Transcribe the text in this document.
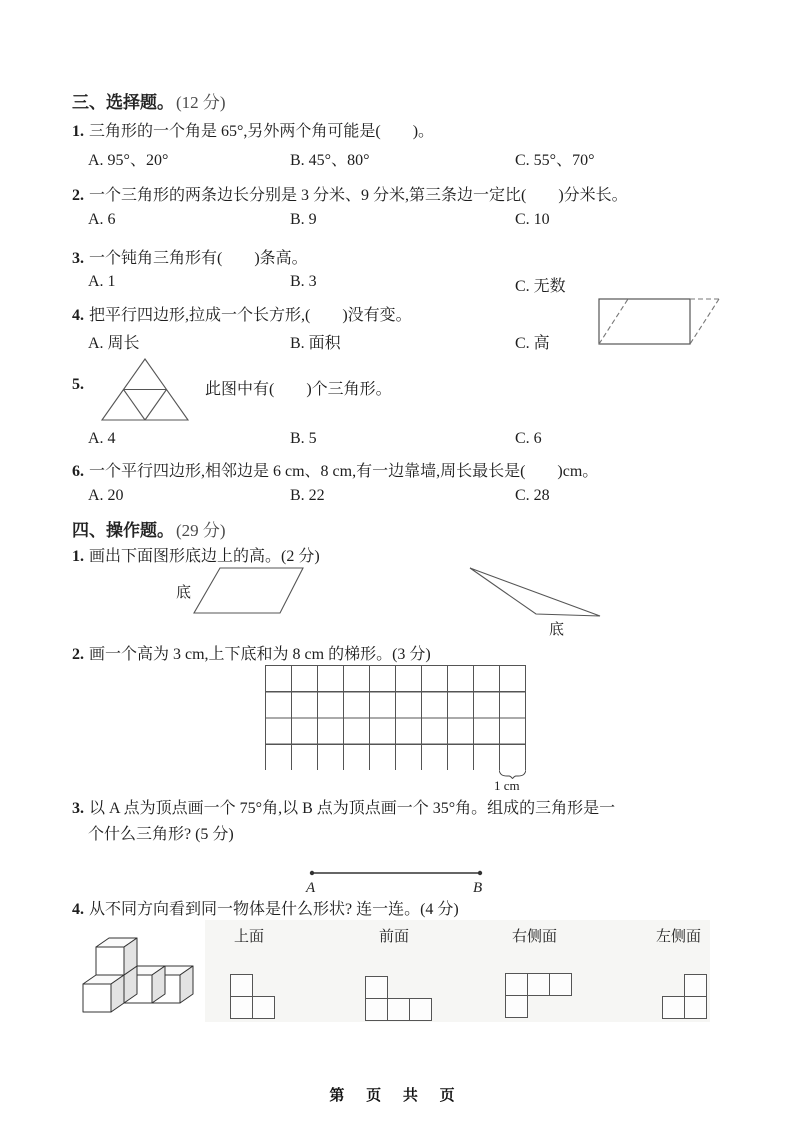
三、选择题。 (12 分)
1. 三角形的一个角是 65°,另外两个角可能是(　　)。
A. 95°、20°	B. 45°、80°	C. 55°、70°
2. 一个三角形的两条边长分别是 3 分米、9 分米,第三条边一定比(　　)分米长。
A. 6	B. 9	C. 10
3. 一个钝角三角形有(　　)条高。
A. 1	B. 3	C. 无数
4. 把平行四边形,拉成一个长方形,(　　)没有变。
A. 周长	B. 面积	C. 高
5.	此图中有(　　)个三角形。
A. 4	B. 5	C. 6
6. 一个平行四边形,相邻边是 6 cm、8 cm,有一边靠墙,周长最长是(　　)cm。
A. 20	B. 22	C. 28
四、操作题。 (29 分)
1. 画出下面图形底边上的高。(2 分)
底
底
2. 画一个高为 3 cm,上下底和为 8 cm 的梯形。(3 分)
1 cm
3. 以 A 点为顶点画一个 75°角,以 B 点为顶点画一个 35°角。组成的三角形是一
个什么三角形? (5 分)
A	B
4. 从不同方向看到同一物体是什么形状? 连一连。(4 分)
上面	前面	右侧面	左侧面
第 页 共 页
